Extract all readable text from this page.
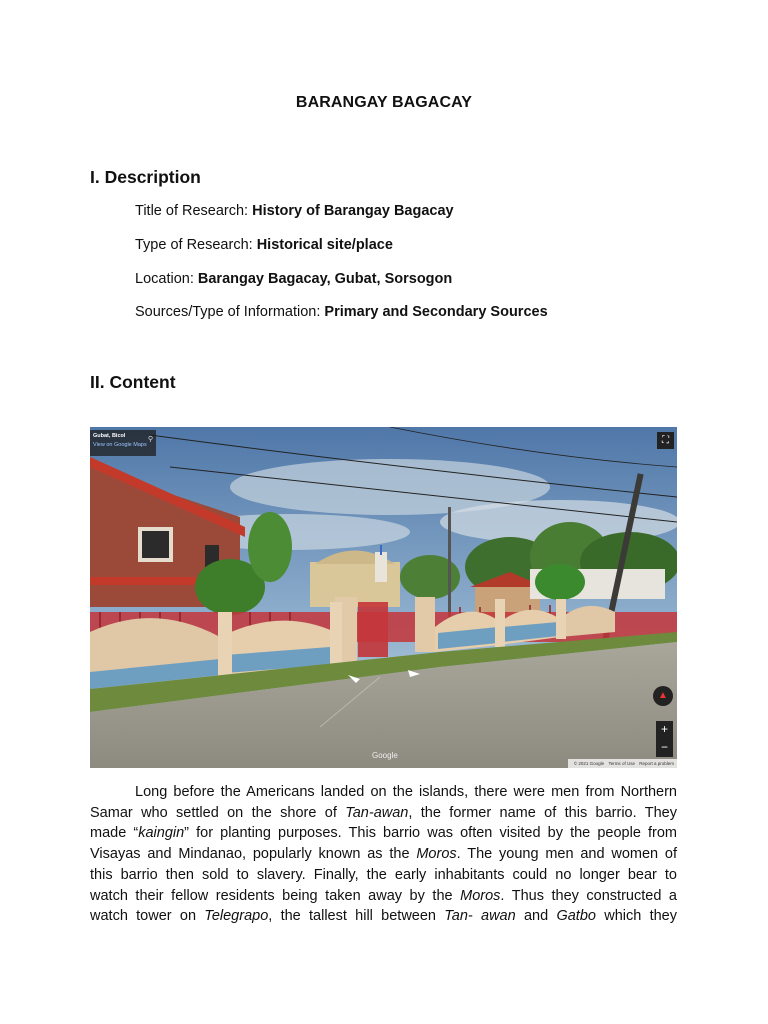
BARANGAY BAGACAY
I. Description
Title of Research: History of Barangay Bagacay
Type of Research: Historical site/place
Location: Barangay Bagacay, Gubat, Sorsogon
Sources/Type of Information: Primary and Secondary Sources
II. Content
Gubat, Bicol
View on Google Maps
⚲	⛶
▲
+
−
Google
© 2021 Google Terms of Use Report a problem
Long before the Americans landed on the islands, there were men from Northern
Samar who settled on the shore of Tan-awan, the former name of this barrio. They
made “kaingin” for planting purposes. This barrio was often visited by the people from
Visayas and Mindanao, popularly known as the Moros. The young men and women of
this barrio then sold to slavery. Finally, the early inhabitants could no longer bear to
watch their fellow residents being taken away by the Moros. Thus they constructed a
watch tower on Telegrapo, the tallest hill between Tan- awan and Gatbo which they
